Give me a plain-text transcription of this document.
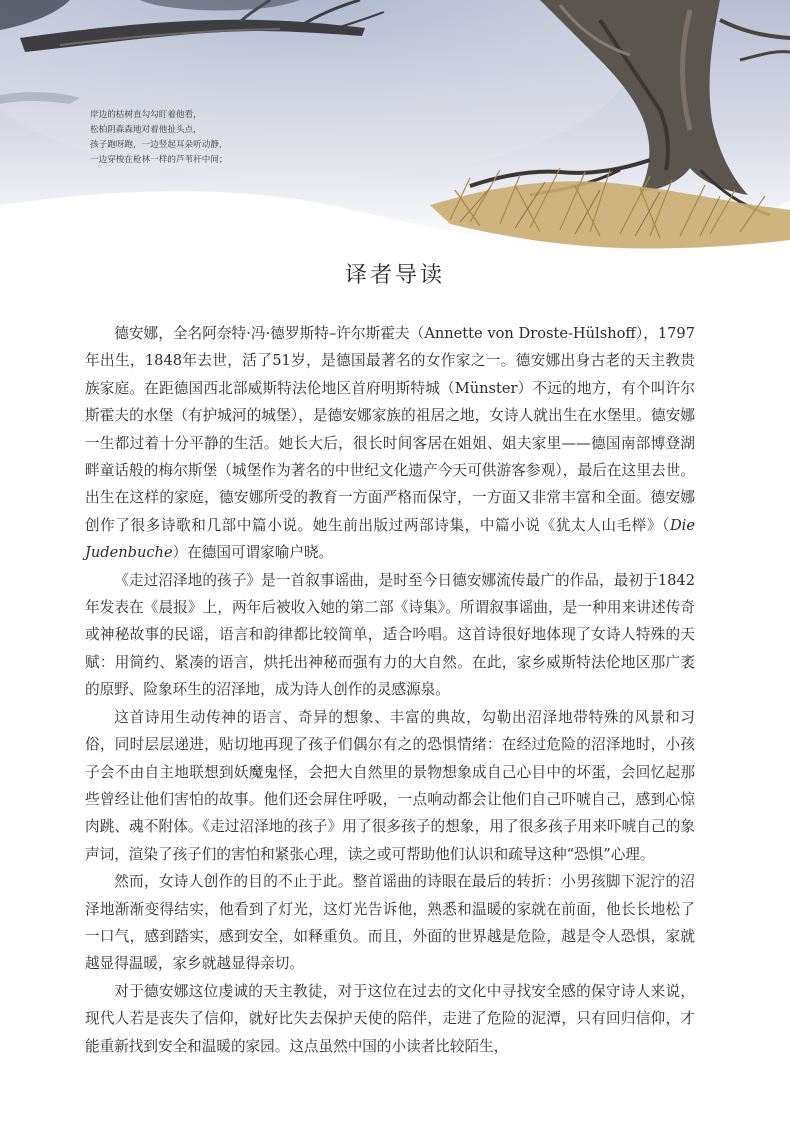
岸边的枯树直勾勾盯着他看，
松柏阴森森地对着他扯头点，
孩子跑呀跑，一边竖起耳朵听动静，
一边穿梭在枪林一样的芦苇秆中间；
译者导读

德安娜，全名阿奈特·冯·德罗斯特–许尔斯霍夫（Annette von Droste-Hülshoff），1797年出生，1848年去世，活了51岁，是德国最著名的女作家之一。德安娜出身古老的天主教贵族家庭。在距德国西北部威斯特法伦地区首府明斯特城（Münster）不远的地方，有个叫许尔斯霍夫的水堡（有护城河的城堡），是德安娜家族的祖居之地，女诗人就出生在水堡里。德安娜一生都过着十分平静的生活。她长大后，很长时间客居在姐姐、姐夫家里——德国南部博登湖畔童话般的梅尔斯堡（城堡作为著名的中世纪文化遗产今天可供游客参观），最后在这里去世。出生在这样的家庭，德安娜所受的教育一方面严格而保守，一方面又非常丰富和全面。德安娜创作了很多诗歌和几部中篇小说。她生前出版过两部诗集，中篇小说《犹太人山毛榉》（Die Judenbuche）在德国可谓家喻户晓。

《走过沼泽地的孩子》是一首叙事谣曲，是时至今日德安娜流传最广的作品，最初于1842年发表在《晨报》上，两年后被收入她的第二部《诗集》。所谓叙事谣曲，是一种用来讲述传奇或神秘故事的民谣，语言和韵律都比较简单，适合吟唱。这首诗很好地体现了女诗人特殊的天赋：用简约、紧凑的语言，烘托出神秘而强有力的大自然。在此，家乡威斯特法伦地区那广袤的原野、险象环生的沼泽地，成为诗人创作的灵感源泉。

这首诗用生动传神的语言、奇异的想象、丰富的典故，勾勒出沼泽地带特殊的风景和习俗，同时层层递进，贴切地再现了孩子们偶尔有之的恐惧情绪：在经过危险的沼泽地时，小孩子会不由自主地联想到妖魔鬼怪，会把大自然里的景物想象成自己心目中的坏蛋，会回忆起那些曾经让他们害怕的故事。他们还会屏住呼吸，一点响动都会让他们自己吓唬自己，感到心惊肉跳、魂不附体。《走过沼泽地的孩子》用了很多孩子的想象，用了很多孩子用来吓唬自己的象声词，渲染了孩子们的害怕和紧张心理，读之或可帮助他们认识和疏导这种“恐惧”心理。

然而，女诗人创作的目的不止于此。整首谣曲的诗眼在最后的转折：小男孩脚下泥泞的沼泽地渐渐变得结实，他看到了灯光，这灯光告诉他，熟悉和温暖的家就在前面，他长长地松了一口气，感到踏实，感到安全，如释重负。而且，外面的世界越是危险，越是令人恐惧，家就越显得温暖，家乡就越显得亲切。

对于德安娜这位虔诚的天主教徒，对于这位在过去的文化中寻找安全感的保守诗人来说，现代人若是丧失了信仰，就好比失去保护天使的陪伴，走进了危险的泥潭，只有回归信仰，才能重新找到安全和温暖的家园。这点虽然中国的小读者比较陌生，
